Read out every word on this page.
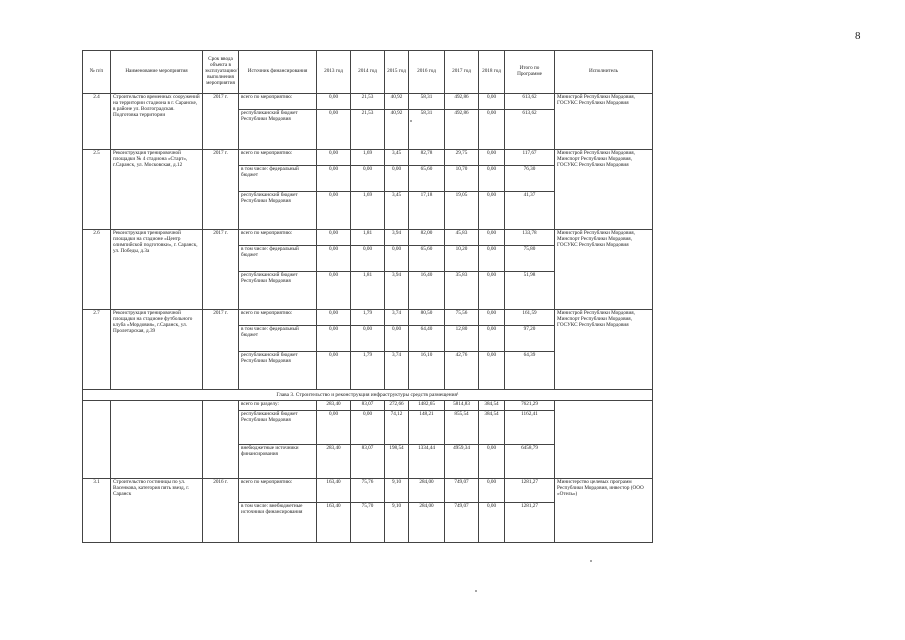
8
№ п/п	Наименование мероприятия	Срок ввода объекта в эксплуатацию/ выполнения мероприятия	Источник финансирования	2013 год	2014 год	2015 год	2016 год	2017 год	2018 год	Итого по Программе	Исполнитель
2.4	Строительство временных сооружений на территории стадиона в г. Саранске, в районе ул. Волгоградская. Подготовка территории	2017 г.	всего по мероприятию:	0,00	21,53	40,92	58,31	492,86	0,00	613,62	Министрой Республики Мордовия, ГОСУКС Республики Мордовия
			республиканский бюджет Республики Мордовия	0,00	21,53	40,92	58,31	492,86	0,00	613,62	
2.5	Реконструкция тренировочной площадки № 4 стадиона «Старт», г.Саранск, ул. Московская, д.12	2017 г.	всего по мероприятию:	0,00	1,69	3,45	82,78	29,75	0,00	117,67	Министрой Республики Мордовия, Минспорт Республики Мордовия, ГОСУКС Республики Мордовия
			в том числе: федеральный бюджет	0,00	0,00	0,00	65,60	10,70	0,00	76,30	
			республиканский бюджет Республики Мордовия	0,00	1,69	3,45	17,18	19,05	0,00	41,37	
2.6	Реконструкция тренировочной площадки на стадионе «Центр олимпийской подготовки», г. Саранск, ул. Победы, д.3а	2017 г.	всего по мероприятию:	0,00	1,81	3,94	82,00	45,83	0,00	133,78	Министрой Республики Мордовия, Минспорт Республики Мордовия, ГОСУКС Республики Мордовия
			в том числе: федеральный бюджет	0,00	0,00	0,00	65,60	10,20	0,00	75,80	
			республиканский бюджет Республики Мордовия	0,00	1,81	3,94	16,40	35,83	0,00	51,98	
2.7	Реконструкция тренировочной площадки на стадионе футбольного клуба «Мордовия», г.Саранск, ул. Пролетарская, д.39	2017 г.	всего по мероприятию:	0,00	1,79	3,74	80,50	75,56	0,00	161,59	Министрой Республики Мордовия, Минспорт Республики Мордовия, ГОСУКС Республики Мордовия
			в том числе: федеральный бюджет	0,00	0,00	0,00	64,40	12,80	0,00	97,20	
			республиканский бюджет Республики Мордовия	0,00	1,79	3,74	16,10	42,76	0,00	64,39	
Глава 3. Строительство и реконструкция инфраструктуры средств размещения¹											
			всего по разделу:	283,40	83,07	272,66	1482,65	5814,83	384,54	7621,29	
			республиканский бюджет Республики Мордовия	0,00	0,00	74,12	148,21	855,54	384,54	1162,41	
			внебюджетные источники финансирования	283,40	83,07	198,54	1334,44	4959,34	0,00	6458,79	
3.1	Строительство гостиницы по ул. Васенкова, категория пять звезд, г. Саранск	2016 г.	всего по мероприятию:	163,40	75,76	9,10	284,00	749,07	0,00	1281,27	Министерство целевых программ Республики Мордовия, инвестор (ООО «Отель»)
			в том числе: внебюджетные источники финансирования	163,40	75,70	9,10	284,00	749,07	0,00	1281,27	
